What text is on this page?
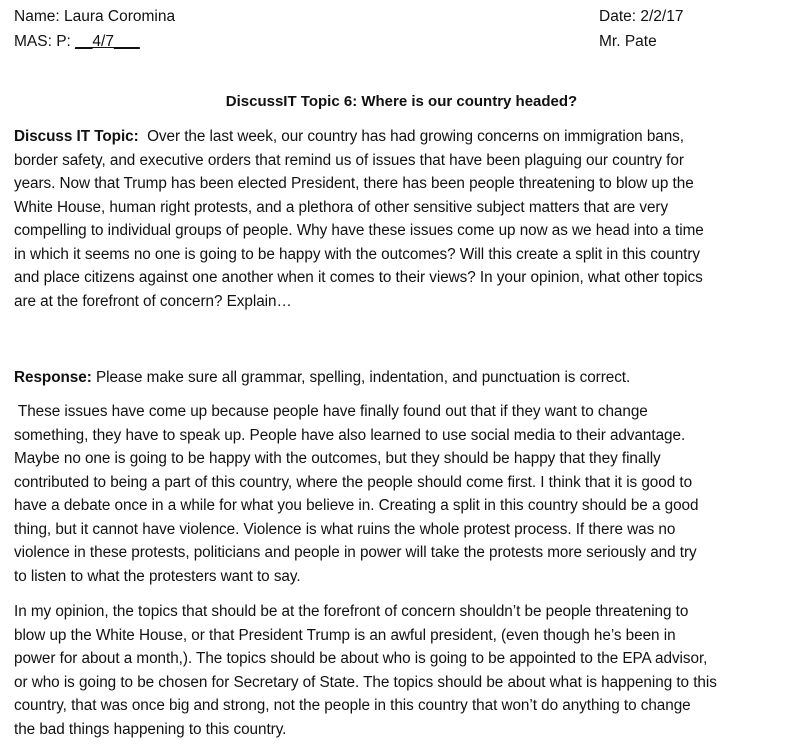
Name: Laura Coromina
MAS: P: __4/7___
Date: 2/2/17
Mr. Pate
DiscussIT Topic 6: Where is our country headed?
Discuss IT Topic:  Over the last week, our country has had growing concerns on immigration bans,
border safety, and executive orders that remind us of issues that have been plaguing our country for
years. Now that Trump has been elected President, there has been people threatening to blow up the
White House, human right protests, and a plethora of other sensitive subject matters that are very
compelling to individual groups of people. Why have these issues come up now as we head into a time
in which it seems no one is going to be happy with the outcomes? Will this create a split in this country
and place citizens against one another when it comes to their views? In your opinion, what other topics
are at the forefront of concern? Explain…
Response: Please make sure all grammar, spelling, indentation, and punctuation is correct.
These issues have come up because people have finally found out that if they want to change
something, they have to speak up. People have also learned to use social media to their advantage.
Maybe no one is going to be happy with the outcomes, but they should be happy that they finally
contributed to being a part of this country, where the people should come first. I think that it is good to
have a debate once in a while for what you believe in. Creating a split in this country should be a good
thing, but it cannot have violence. Violence is what ruins the whole protest process. If there was no
violence in these protests, politicians and people in power will take the protests more seriously and try
to listen to what the protesters want to say.
In my opinion, the topics that should be at the forefront of concern shouldn’t be people threatening to
blow up the White House, or that President Trump is an awful president, (even though he’s been in
power for about a month,). The topics should be about who is going to be appointed to the EPA advisor,
or who is going to be chosen for Secretary of State. The topics should be about what is happening to this
country, that was once big and strong, not the people in this country that won’t do anything to change
the bad things happening to this country.
